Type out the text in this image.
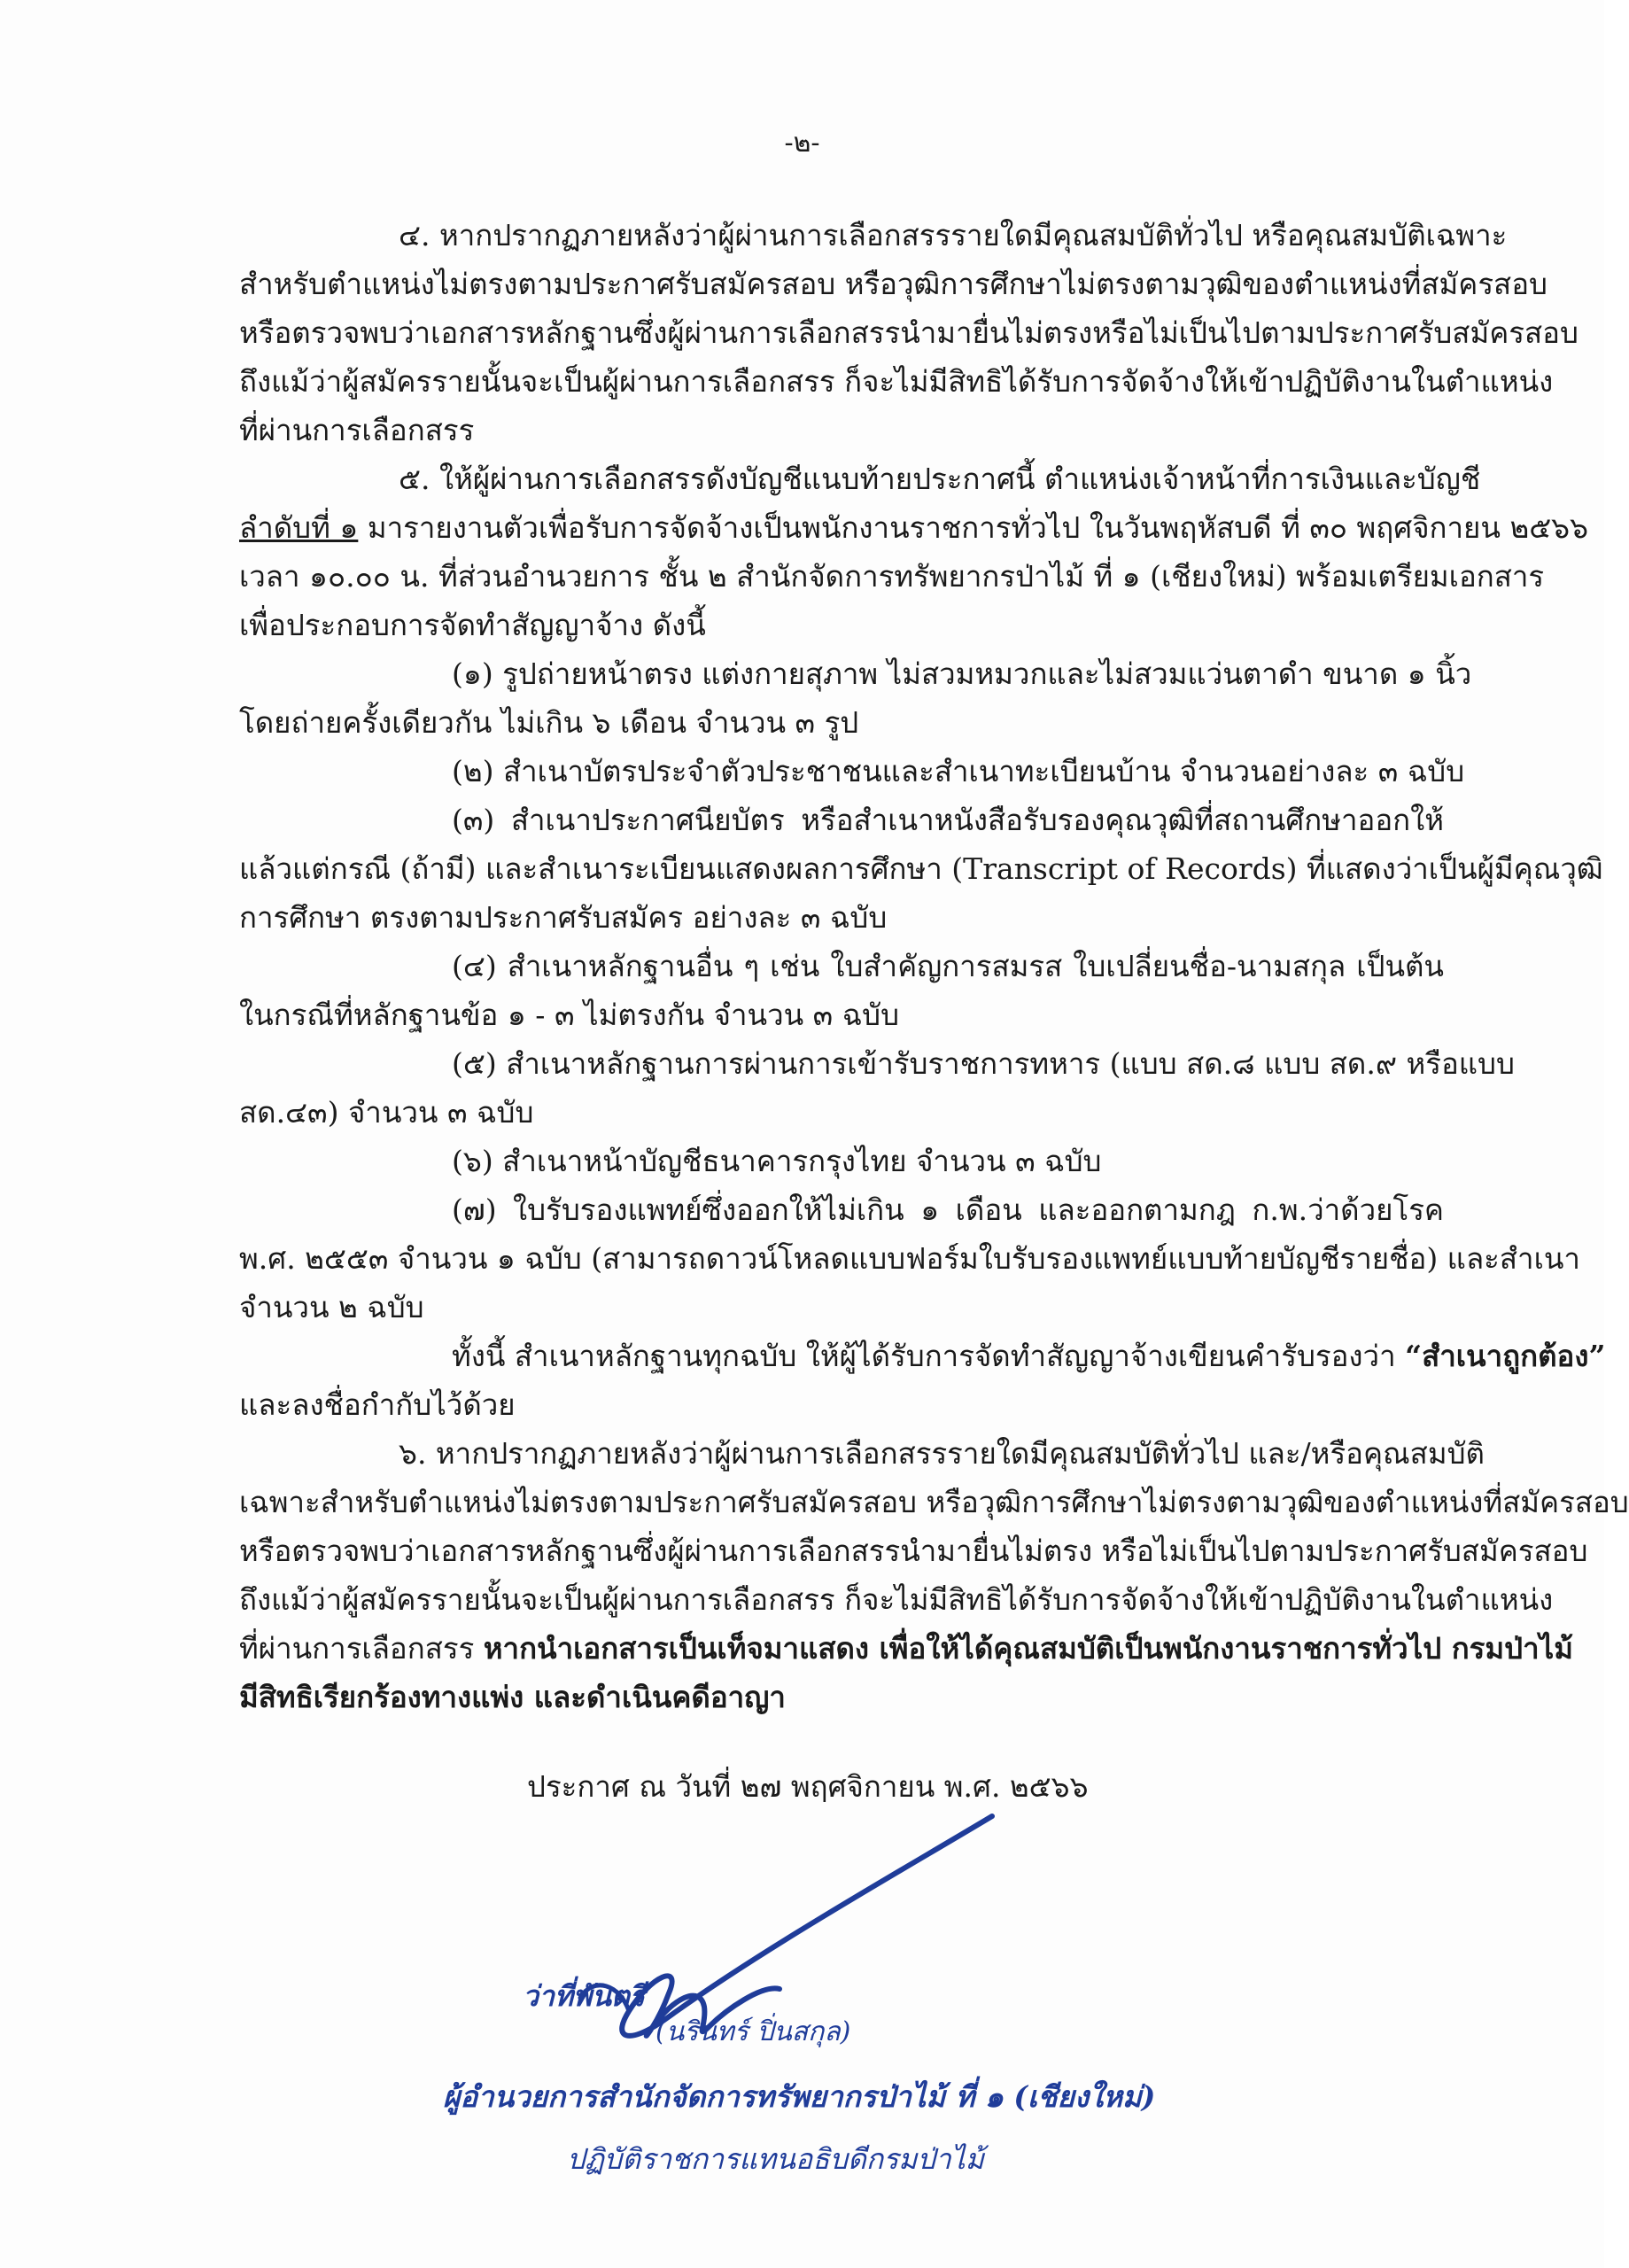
-๒-
๔. หากปรากฏภายหลังว่าผู้ผ่านการเลือกสรรรายใดมีคุณสมบัติทั่วไป หรือคุณสมบัติเฉพาะ
สำหรับตำแหน่งไม่ตรงตามประกาศรับสมัครสอบ หรือวุฒิการศึกษาไม่ตรงตามวุฒิของตำแหน่งที่สมัครสอบ
หรือตรวจพบว่าเอกสารหลักฐานซึ่งผู้ผ่านการเลือกสรรนำมายื่นไม่ตรงหรือไม่เป็นไปตามประกาศรับสมัครสอบ
ถึงแม้ว่าผู้สมัครรายนั้นจะเป็นผู้ผ่านการเลือกสรร ก็จะไม่มีสิทธิได้รับการจัดจ้างให้เข้าปฏิบัติงานในตำแหน่ง
ที่ผ่านการเลือกสรร
๕. ให้ผู้ผ่านการเลือกสรรดังบัญชีแนบท้ายประกาศนี้ ตำแหน่งเจ้าหน้าที่การเงินและบัญชี
ลำดับที่ ๑ มารายงานตัวเพื่อรับการจัดจ้างเป็นพนักงานราชการทั่วไป ในวันพฤหัสบดี ที่ ๓๐ พฤศจิกายน ๒๕๖๖
เวลา ๑๐.๐๐ น. ที่ส่วนอำนวยการ ชั้น ๒ สำนักจัดการทรัพยากรป่าไม้ ที่ ๑ (เชียงใหม่) พร้อมเตรียมเอกสาร
เพื่อประกอบการจัดทำสัญญาจ้าง ดังนี้
(๑) รูปถ่ายหน้าตรง แต่งกายสุภาพ ไม่สวมหมวกและไม่สวมแว่นตาดำ ขนาด ๑ นิ้ว
โดยถ่ายครั้งเดียวกัน ไม่เกิน ๖ เดือน จำนวน ๓ รูป
(๒) สำเนาบัตรประจำตัวประชาชนและสำเนาทะเบียนบ้าน จำนวนอย่างละ ๓ ฉบับ
(๓) สำเนาประกาศนียบัตร หรือสำเนาหนังสือรับรองคุณวุฒิที่สถานศึกษาออกให้
แล้วแต่กรณี (ถ้ามี) และสำเนาระเบียนแสดงผลการศึกษา (Transcript of Records) ที่แสดงว่าเป็นผู้มีคุณวุฒิ
การศึกษา ตรงตามประกาศรับสมัคร อย่างละ ๓ ฉบับ
(๔) สำเนาหลักฐานอื่น ๆ เช่น ใบสำคัญการสมรส ใบเปลี่ยนชื่อ-นามสกุล เป็นต้น
ในกรณีที่หลักฐานข้อ ๑ - ๓ ไม่ตรงกัน จำนวน ๓ ฉบับ
(๕) สำเนาหลักฐานการผ่านการเข้ารับราชการทหาร (แบบ สด.๘ แบบ สด.๙ หรือแบบ
สด.๔๓) จำนวน ๓ ฉบับ
(๖) สำเนาหน้าบัญชีธนาคารกรุงไทย จำนวน ๓ ฉบับ
(๗) ใบรับรองแพทย์ซึ่งออกให้ไม่เกิน ๑ เดือน และออกตามกฎ ก.พ.ว่าด้วยโรค
พ.ศ. ๒๕๕๓ จำนวน ๑ ฉบับ (สามารถดาวน์โหลดแบบฟอร์มใบรับรองแพทย์แบบท้ายบัญชีรายชื่อ) และสำเนา
จำนวน ๒ ฉบับ
ทั้งนี้ สำเนาหลักฐานทุกฉบับ ให้ผู้ได้รับการจัดทำสัญญาจ้างเขียนคำรับรองว่า “สำเนาถูกต้อง”
และลงชื่อกำกับไว้ด้วย
๖. หากปรากฏภายหลังว่าผู้ผ่านการเลือกสรรรายใดมีคุณสมบัติทั่วไป และ/หรือคุณสมบัติ
เฉพาะสำหรับตำแหน่งไม่ตรงตามประกาศรับสมัครสอบ หรือวุฒิการศึกษาไม่ตรงตามวุฒิของตำแหน่งที่สมัครสอบ
หรือตรวจพบว่าเอกสารหลักฐานซึ่งผู้ผ่านการเลือกสรรนำมายื่นไม่ตรง หรือไม่เป็นไปตามประกาศรับสมัครสอบ
ถึงแม้ว่าผู้สมัครรายนั้นจะเป็นผู้ผ่านการเลือกสรร ก็จะไม่มีสิทธิได้รับการจัดจ้างให้เข้าปฏิบัติงานในตำแหน่ง
ที่ผ่านการเลือกสรร หากนำเอกสารเป็นเท็จมาแสดง เพื่อให้ได้คุณสมบัติเป็นพนักงานราชการทั่วไป กรมป่าไม้
มีสิทธิเรียกร้องทางแพ่ง และดำเนินคดีอาญา
ประกาศ ณ วันที่ ๒๗ พฤศจิกายน พ.ศ. ๒๕๖๖
ว่าที่พันตรี
(นรินทร์ ปิ่นสกุล)
ผู้อำนวยการสำนักจัดการทรัพยากรป่าไม้ ที่ ๑ (เชียงใหม่)
ปฏิบัติราชการแทนอธิบดีกรมป่าไม้
